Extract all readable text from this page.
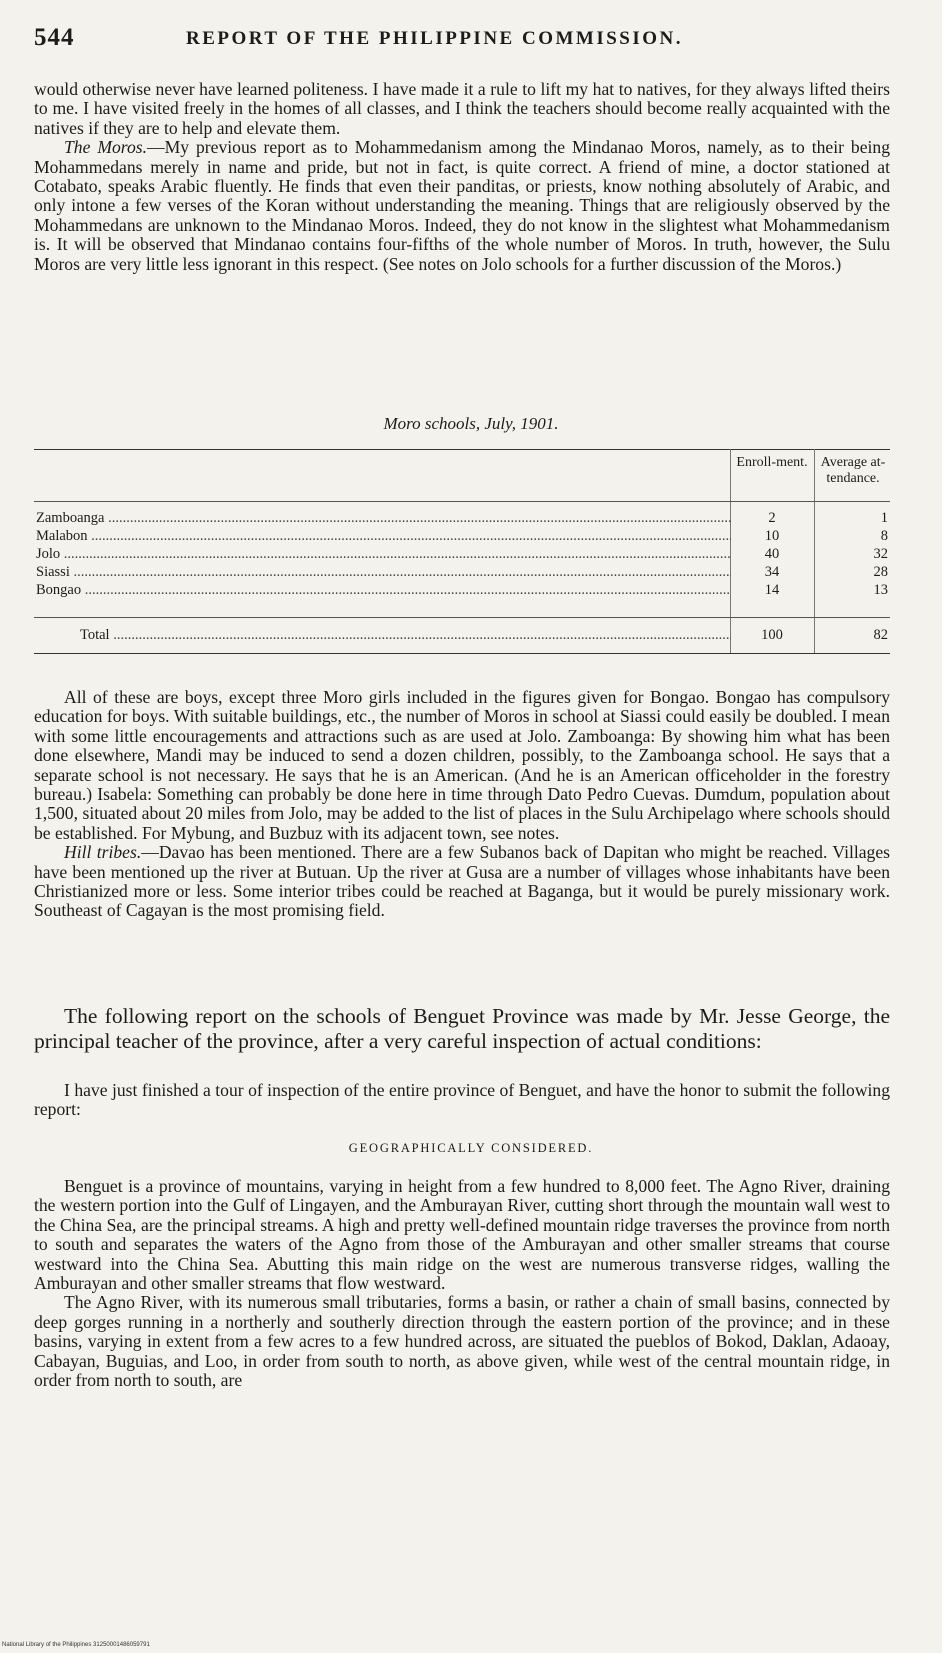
544	REPORT OF THE PHILIPPINE COMMISSION.

would otherwise never have learned politeness. I have made it a rule to lift my hat to natives, for they always lifted theirs to me. I have visited freely in the homes of all classes, and I think the teachers should become really acquainted with the natives if they are to help and elevate them.

The Moros.—My previous report as to Mohammedanism among the Mindanao Moros, namely, as to their being Mohammedans merely in name and pride, but not in fact, is quite correct. A friend of mine, a doctor stationed at Cotabato, speaks Arabic fluently. He finds that even their panditas, or priests, know nothing absolutely of Arabic, and only intone a few verses of the Koran without understanding the meaning. Things that are religiously observed by the Mohammedans are unknown to the Mindanao Moros. Indeed, they do not know in the slightest what Mohammedanism is. It will be observed that Mindanao contains four-fifths of the whole number of Moros. In truth, however, the Sulu Moros are very little less ignorant in this respect. (See notes on Jolo schools for a further discussion of the Moros.)

Moro schools, July, 1901.
Enroll-ment. Average at-tendance.
Zamboanga .....	2	1
Malabon .....	10	8
Jolo .....	40	32
Siassi .....	34	28
Bongao .....	14	13
Total .....	100	82

All of these are boys, except three Moro girls included in the figures given for Bongao. Bongao has compulsory education for boys. With suitable buildings, etc., the number of Moros in school at Siassi could easily be doubled. I mean with some little encouragements and attractions such as are used at Jolo. Zamboanga: By showing him what has been done elsewhere, Mandi may be induced to send a dozen children, possibly, to the Zamboanga school. He says that a separate school is not necessary. He says that he is an American. (And he is an American officeholder in the forestry bureau.) Isabela: Something can probably be done here in time through Dato Pedro Cuevas. Dumdum, population about 1,500, situated about 20 miles from Jolo, may be added to the list of places in the Sulu Archipelago where schools should be established. For Mybung, and Buzbuz with its adjacent town, see notes.

Hill tribes.—Davao has been mentioned. There are a few Subanos back of Dapitan who might be reached. Villages have been mentioned up the river at Butuan. Up the river at Gusa are a number of villages whose inhabitants have been Christianized more or less. Some interior tribes could be reached at Baganga, but it would be purely missionary work. Southeast of Cagayan is the most promising field.

The following report on the schools of Benguet Province was made by Mr. Jesse George, the principal teacher of the province, after a very careful inspection of actual conditions:

I have just finished a tour of inspection of the entire province of Benguet, and have the honor to submit the following report:

GEOGRAPHICALLY CONSIDERED.

Benguet is a province of mountains, varying in height from a few hundred to 8,000 feet. The Agno River, draining the western portion into the Gulf of Lingayen, and the Amburayan River, cutting short through the mountain wall west to the China Sea, are the principal streams. A high and pretty well-defined mountain ridge traverses the province from north to south and separates the waters of the Agno from those of the Amburayan and other smaller streams that course westward into the China Sea. Abutting this main ridge on the west are numerous transverse ridges, walling the Amburayan and other smaller streams that flow westward.

The Agno River, with its numerous small tributaries, forms a basin, or rather a chain of small basins, connected by deep gorges running in a northerly and southerly direction through the eastern portion of the province; and in these basins, varying in extent from a few acres to a few hundred across, are situated the pueblos of Bokod, Daklan, Adaoay, Cabayan, Buguias, and Loo, in order from south to north, as above given, while west of the central mountain ridge, in order from north to south, are

National Library of the Philippines 31250001486059791
